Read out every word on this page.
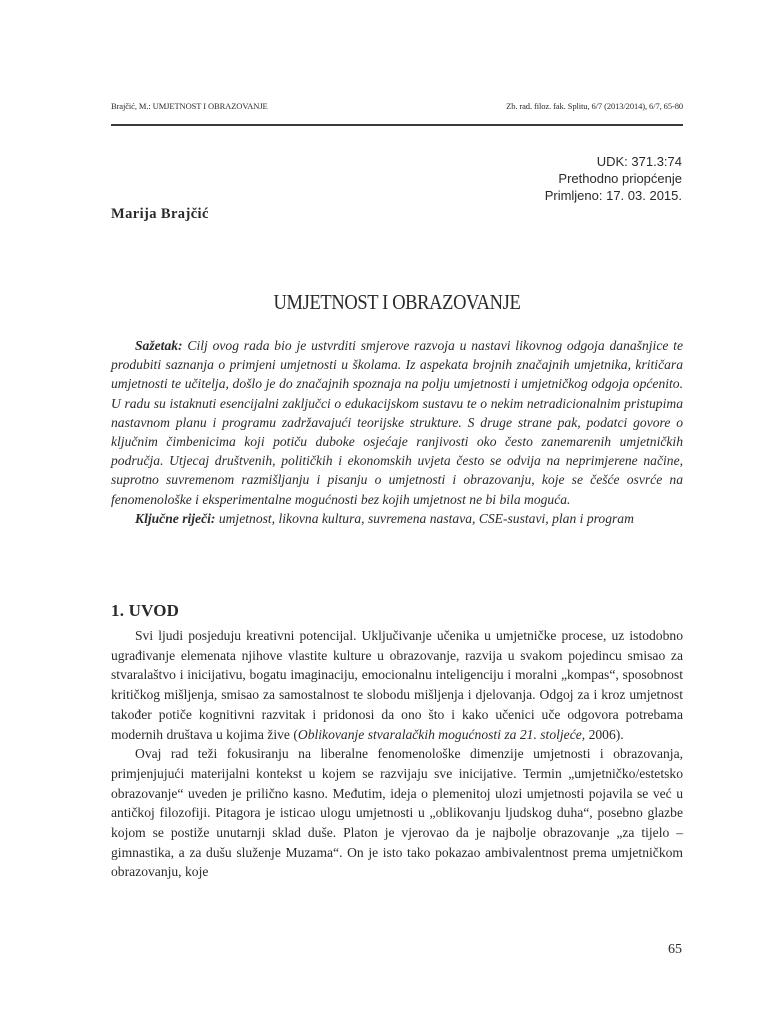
Brajčić, M.: UMJETNOST I OBRAZOVANJE	Zb. rad. filoz. fak. Splitu, 6/7 (2013/2014), 6/7, 65-80
UDK: 371.3:74
Prethodno priopćenje
Primljeno: 17. 03. 2015.
Marija Brajčić
UMJETNOST I OBRAZOVANJE

Sažetak: Cilj ovog rada bio je ustvrditi smjerove razvoja u nastavi likovnog odgoja današnjice te produbiti saznanja o primjeni umjetnosti u školama. Iz aspekata brojnih značajnih umjetnika, kritičara umjetnosti te učitelja, došlo je do značajnih spoznaja na polju umjetnosti i umjetničkog odgoja općenito. U radu su istaknuti esencijalni zaključci o edukacijskom sustavu te o nekim netradicionalnim pristupima nastavnom planu i programu zadržavajući teorijske strukture. S druge strane pak, podatci govore o ključnim čimbenicima koji potiču duboke osjećaje ranjivosti oko često zanemarenih umjetničkih područja. Utjecaj društvenih, političkih i ekonomskih uvjeta često se odvija na neprimjerene načine, suprotno suvremenom razmišljanju i pisanju o umjetnosti i obrazovanju, koje se češće osvrće na fenomenološke i eksperimentalne mogućnosti bez kojih umjetnost ne bi bila moguća.

Ključne riječi: umjetnost, likovna kultura, suvremena nastava, CSE-sustavi, plan i program

1. UVOD

Svi ljudi posjeduju kreativni potencijal. Uključivanje učenika u umjetničke procese, uz istodobno ugrađivanje elemenata njihove vlastite kulture u obrazovanje, razvija u svakom pojedincu smisao za stvaralaštvo i inicijativu, bogatu imaginaciju, emocionalnu inteligenciju i moralni „kompas“, sposobnost kritičkog mišljenja, smisao za samostalnost te slobodu mišljenja i djelovanja. Odgoj za i kroz umjetnost također potiče kognitivni razvitak i pridonosi da ono što i kako učenici uče odgovora potrebama modernih društava u kojima žive (Oblikovanje stvaralačkih mogućnosti za 21. stoljeće, 2006).

Ovaj rad teži fokusiranju na liberalne fenomenološke dimenzije umjetnosti i obrazovanja, primjenjujući materijalni kontekst u kojem se razvijaju sve inicijative. Termin „umjetničko/estetsko obrazovanje“ uveden je prilično kasno. Međutim, ideja o plemenitoj ulozi umjetnosti pojavila se već u antičkoj filozofiji. Pitagora je isticao ulogu umjetnosti u „oblikovanju ljudskog duha“, posebno glazbe kojom se postiže unutarnji sklad duše. Platon je vjerovao da je najbolje obrazovanje „za tijelo – gimnastika, a za dušu služenje Muzama“. On je isto tako pokazao ambivalentnost prema umjetničkom obrazovanju, koje

65
